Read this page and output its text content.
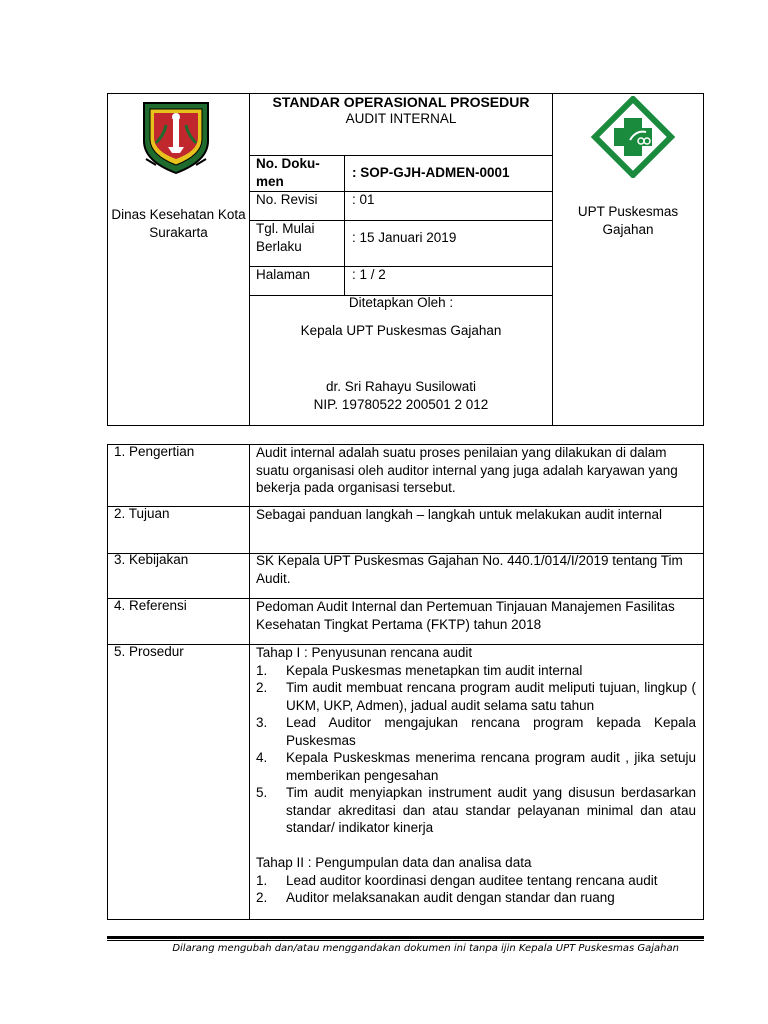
Dinas Kesehatan Kota Surakarta
STANDAR OPERASIONAL PROSEDUR
AUDIT INTERNAL
No. Doku- men
: SOP-GJH-ADMEN-0001
No. Revisi	: 01
Tgl. Mulai Berlaku
: 15 Januari 2019
Halaman	: 1 / 2
Ditetapkan Oleh :
Kepala UPT Puskesmas Gajahan
dr. Sri Rahayu Susilowati
NIP. 19780522 200501 2 012
UPT Puskesmas Gajahan
1. Pengertian	Audit internal adalah suatu proses penilaian yang dilakukan di dalam suatu organisasi oleh auditor internal yang juga adalah karyawan yang bekerja pada organisasi tersebut.
2. Tujuan	Sebagai panduan langkah – langkah untuk melakukan audit internal
3. Kebijakan	SK Kepala UPT Puskesmas Gajahan No. 440.1/014/I/2019 tentang Tim Audit.
4. Referensi	Pedoman Audit Internal dan Pertemuan Tinjauan Manajemen Fasilitas Kesehatan Tingkat Pertama (FKTP) tahun 2018
5. Prosedur	Tahap I : Penyusunan rencana audit
1. Kepala Puskesmas menetapkan tim audit internal
2. Tim audit membuat rencana program audit meliputi tujuan, lingkup ( UKM, UKP, Admen), jadual audit selama satu tahun
3. Lead Auditor mengajukan rencana program kepada Kepala Puskesmas
4. Kepala Puskeskmas menerima rencana program audit , jika setuju memberikan pengesahan
5. Tim audit menyiapkan instrument audit yang disusun berdasarkan standar akreditasi dan atau standar pelayanan minimal dan atau standar/ indikator kinerja
Tahap II : Pengumpulan data dan analisa data
1. Lead auditor koordinasi dengan auditee tentang rencana audit
2. Auditor melaksanakan audit dengan standar dan ruang
Dilarang mengubah dan/atau menggandakan dokumen ini tanpa ijin Kepala UPT Puskesmas Gajahan
